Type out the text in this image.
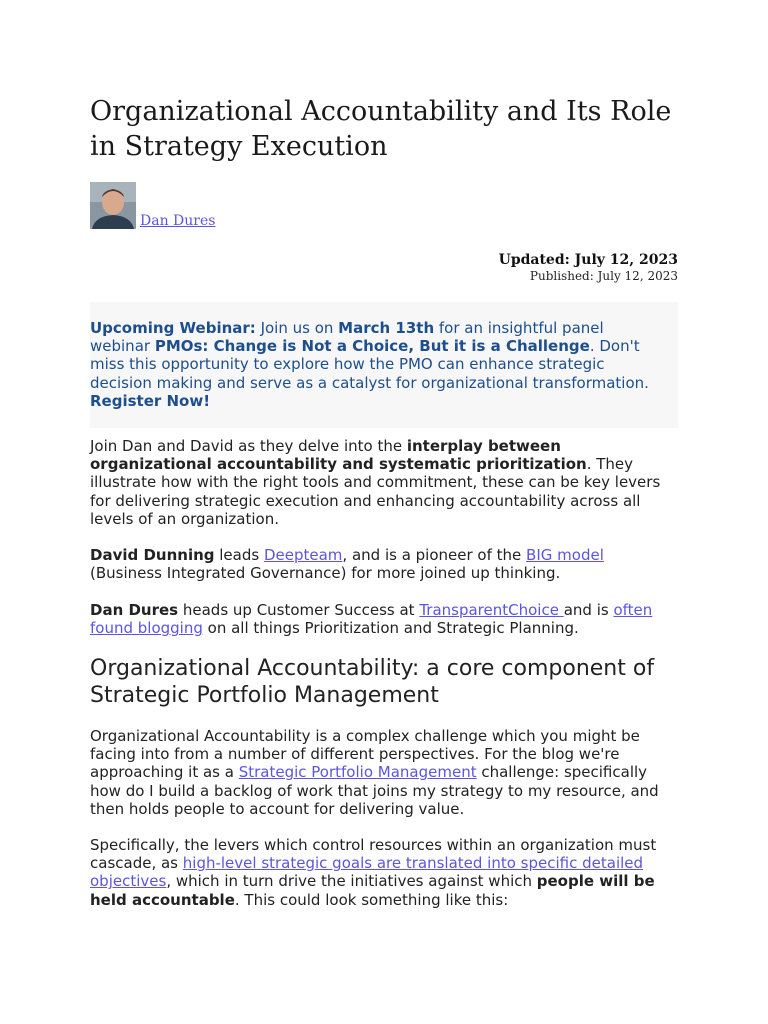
Organizational Accountability and Its Role in Strategy Execution
Dan Dures
Updated: July 12, 2023
Published: July 12, 2023

Upcoming Webinar: Join us on March 13th for an insightful panel webinar PMOs: Change is Not a Choice, But it is a Challenge. Don't miss this opportunity to explore how the PMO can enhance strategic decision making and serve as a catalyst for organizational transformation. Register Now!

Join Dan and David as they delve into the interplay between organizational accountability and systematic prioritization. They illustrate how with the right tools and commitment, these can be key levers for delivering strategic execution and enhancing accountability across all levels of an organization.

David Dunning leads Deepteam, and is a pioneer of the BIG model (Business Integrated Governance) for more joined up thinking.

Dan Dures heads up Customer Success at TransparentChoice and is often found blogging on all things Prioritization and Strategic Planning.

Organizational Accountability: a core component of Strategic Portfolio Management

Organizational Accountability is a complex challenge which you might be facing into from a number of different perspectives. For the blog we're approaching it as a Strategic Portfolio Management challenge: specifically how do I build a backlog of work that joins my strategy to my resource, and then holds people to account for delivering value.

Specifically, the levers which control resources within an organization must cascade, as high-level strategic goals are translated into specific detailed objectives, which in turn drive the initiatives against which people will be held accountable. This could look something like this:
